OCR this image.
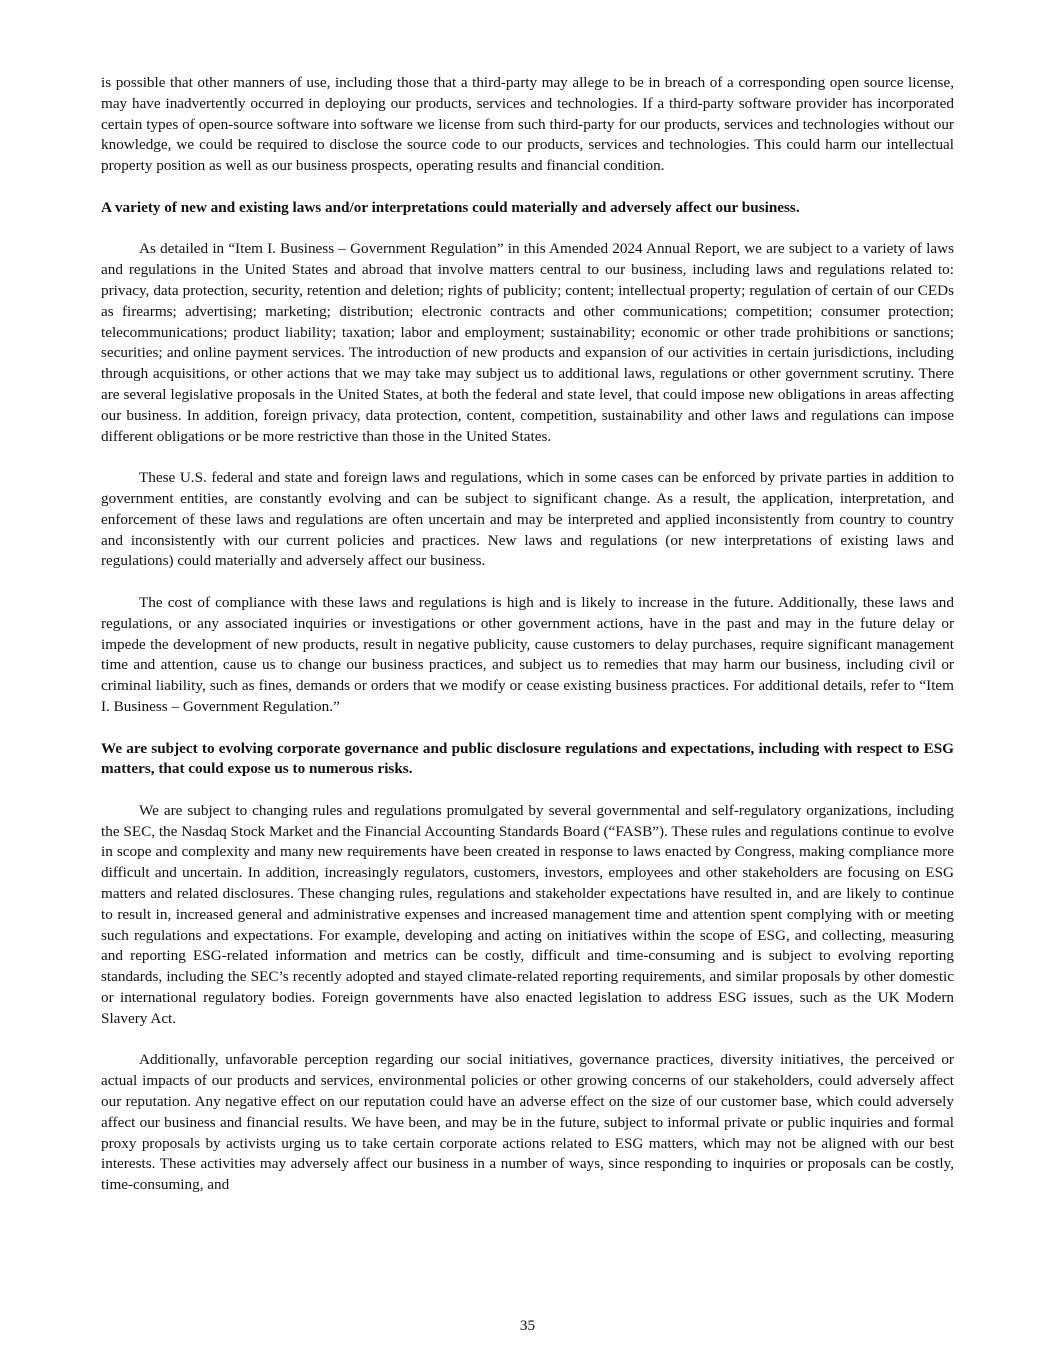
is possible that other manners of use, including those that a third-party may allege to be in breach of a corresponding open source license, may have inadvertently occurred in deploying our products, services and technologies. If a third-party software provider has incorporated certain types of open-source software into software we license from such third-party for our products, services and technologies without our knowledge, we could be required to disclose the source code to our products, services and technologies. This could harm our intellectual property position as well as our business prospects, operating results and financial condition.

A variety of new and existing laws and/or interpretations could materially and adversely affect our business.

As detailed in “Item I. Business – Government Regulation” in this Amended 2024 Annual Report, we are subject to a variety of laws and regulations in the United States and abroad that involve matters central to our business, including laws and regulations related to: privacy, data protection, security, retention and deletion; rights of publicity; content; intellectual property; regulation of certain of our CEDs as firearms; advertising; marketing; distribution; electronic contracts and other communications; competition; consumer protection; telecommunications; product liability; taxation; labor and employment; sustainability; economic or other trade prohibitions or sanctions; securities; and online payment services. The introduction of new products and expansion of our activities in certain jurisdictions, including through acquisitions, or other actions that we may take may subject us to additional laws, regulations or other government scrutiny. There are several legislative proposals in the United States, at both the federal and state level, that could impose new obligations in areas affecting our business. In addition, foreign privacy, data protection, content, competition, sustainability and other laws and regulations can impose different obligations or be more restrictive than those in the United States.

These U.S. federal and state and foreign laws and regulations, which in some cases can be enforced by private parties in addition to government entities, are constantly evolving and can be subject to significant change. As a result, the application, interpretation, and enforcement of these laws and regulations are often uncertain and may be interpreted and applied inconsistently from country to country and inconsistently with our current policies and practices. New laws and regulations (or new interpretations of existing laws and regulations) could materially and adversely affect our business.

The cost of compliance with these laws and regulations is high and is likely to increase in the future. Additionally, these laws and regulations, or any associated inquiries or investigations or other government actions, have in the past and may in the future delay or impede the development of new products, result in negative publicity, cause customers to delay purchases, require significant management time and attention, cause us to change our business practices, and subject us to remedies that may harm our business, including civil or criminal liability, such as fines, demands or orders that we modify or cease existing business practices. For additional details, refer to “Item I. Business – Government Regulation.”

We are subject to evolving corporate governance and public disclosure regulations and expectations, including with respect to ESG matters, that could expose us to numerous risks.

We are subject to changing rules and regulations promulgated by several governmental and self-regulatory organizations, including the SEC, the Nasdaq Stock Market and the Financial Accounting Standards Board (“FASB”). These rules and regulations continue to evolve in scope and complexity and many new requirements have been created in response to laws enacted by Congress, making compliance more difficult and uncertain. In addition, increasingly regulators, customers, investors, employees and other stakeholders are focusing on ESG matters and related disclosures. These changing rules, regulations and stakeholder expectations have resulted in, and are likely to continue to result in, increased general and administrative expenses and increased management time and attention spent complying with or meeting such regulations and expectations. For example, developing and acting on initiatives within the scope of ESG, and collecting, measuring and reporting ESG-related information and metrics can be costly, difficult and time-consuming and is subject to evolving reporting standards, including the SEC’s recently adopted and stayed climate-related reporting requirements, and similar proposals by other domestic or international regulatory bodies. Foreign governments have also enacted legislation to address ESG issues, such as the UK Modern Slavery Act.

Additionally, unfavorable perception regarding our social initiatives, governance practices, diversity initiatives, the perceived or actual impacts of our products and services, environmental policies or other growing concerns of our stakeholders, could adversely affect our reputation. Any negative effect on our reputation could have an adverse effect on the size of our customer base, which could adversely affect our business and financial results. We have been, and may be in the future, subject to informal private or public inquiries and formal proxy proposals by activists urging us to take certain corporate actions related to ESG matters, which may not be aligned with our best interests. These activities may adversely affect our business in a number of ways, since responding to inquiries or proposals can be costly, time-consuming, and

35
